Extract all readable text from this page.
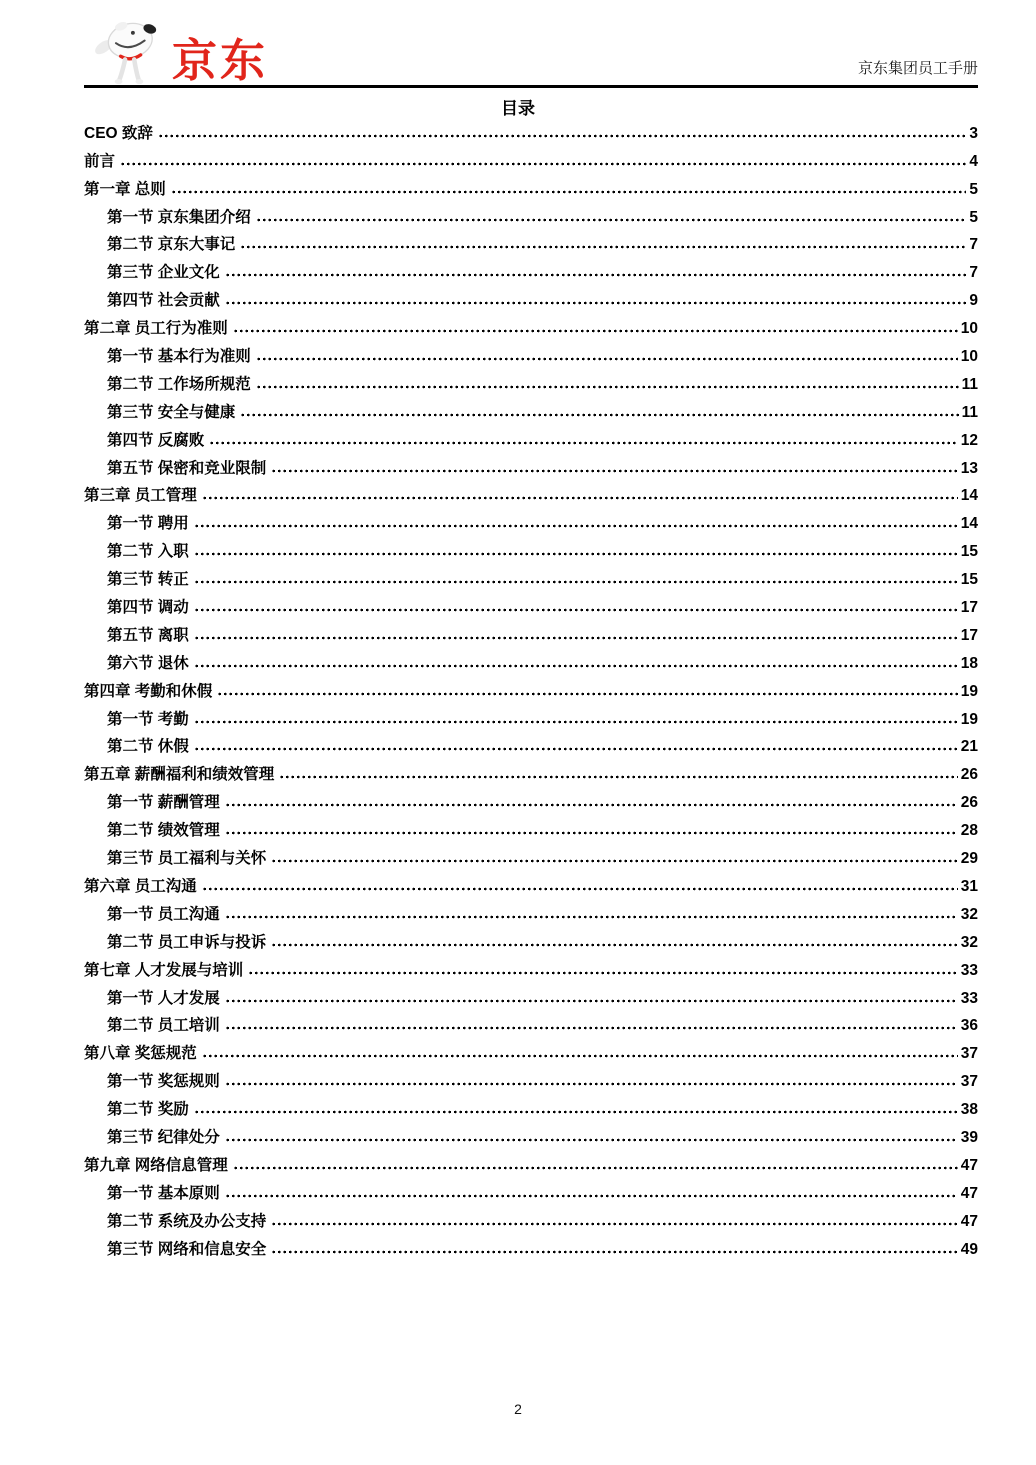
京东	京东集团员工手册
目录
CEO 致辞	3
前言	4
第一章 总则	5
第一节 京东集团介绍	5
第二节 京东大事记	7
第三节 企业文化	7
第四节 社会贡献	9
第二章 员工行为准则	10
第一节 基本行为准则	10
第二节 工作场所规范	11
第三节 安全与健康	11
第四节 反腐败	12
第五节 保密和竞业限制	13
第三章 员工管理	14
第一节 聘用	14
第二节 入职	15
第三节 转正	15
第四节 调动	17
第五节 离职	17
第六节 退休	18
第四章 考勤和休假	19
第一节 考勤	19
第二节 休假	21
第五章 薪酬福利和绩效管理	26
第一节 薪酬管理	26
第二节 绩效管理	28
第三节 员工福利与关怀	29
第六章 员工沟通	31
第一节 员工沟通	32
第二节 员工申诉与投诉	32
第七章 人才发展与培训	33
第一节 人才发展	33
第二节 员工培训	36
第八章 奖惩规范	37
第一节 奖惩规则	37
第二节 奖励	38
第三节 纪律处分	39
第九章 网络信息管理	47
第一节 基本原则	47
第二节 系统及办公支持	47
第三节 网络和信息安全	49
2
